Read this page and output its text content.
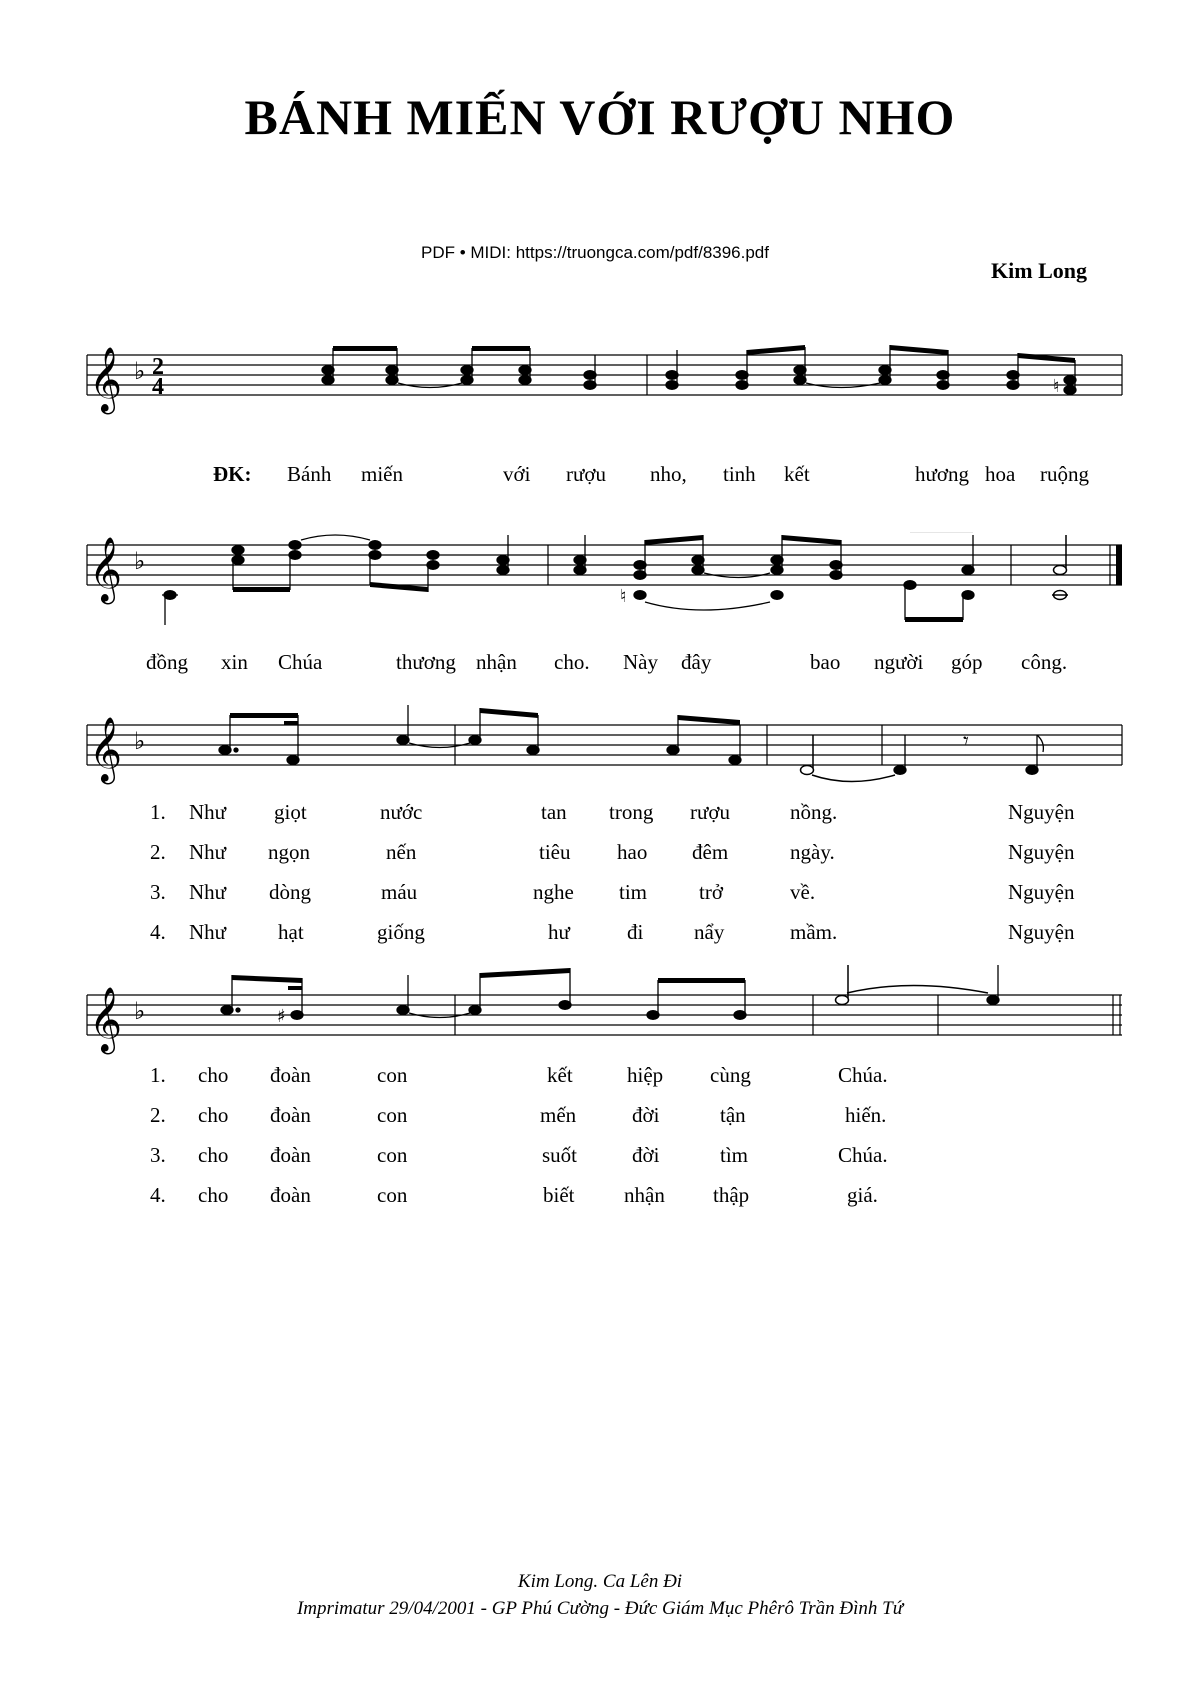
BÁNH MIẾN VỚI RƯỢU NHO
PDF • MIDI: https://truongca.com/pdf/8396.pdf
Kim Long
𝄞 ♭ 2
4	♮
ĐK: Bánh miến	với rượu nho, tinh kết	hương hoa ruộng
𝄞 ♭
♮
đồng xin Chúa	thương nhận cho. Này đây	bao người góp công.
𝄞 ♭	𝄾
1. Như giọt	nước	tan trong rượu	nồng.	Nguyện
2. Như ngọn	nến	tiêu hao đêm	ngày.	Nguyện
3. Như dòng	máu	nghe tim trở	về.	Nguyện
4. Như hạt	giống	hư	đi nẩy	mầm.	Nguyện
𝄞 ♭	♯
1. cho đoàn	con	kết	hiệp cùng	Chúa.
2. cho đoàn	con	mến	đời	tận	hiến.
3. cho đoàn	con	suốt	đời	tìm	Chúa.
4. cho đoàn	con	biết nhận thập	giá.
Kim Long. Ca Lên Đi
Imprimatur 29/04/2001 - GP Phú Cường - Đức Giám Mục Phêrô Trần Đình Tứ
